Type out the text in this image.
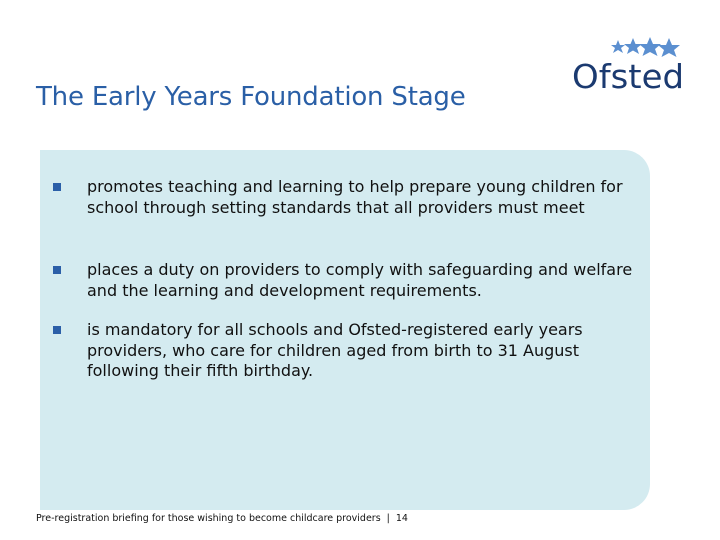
The Early Years Foundation Stage
Ofsted
promotes teaching and learning to help prepare young children for school through setting standards that all providers must meet
places a duty on providers to comply with safeguarding and welfare and the learning and development requirements.
is mandatory for all schools and Ofsted-registered early years providers, who care for children aged from birth to 31 August following their fifth birthday.
Pre-registration briefing for those wishing to become childcare providers | 14
